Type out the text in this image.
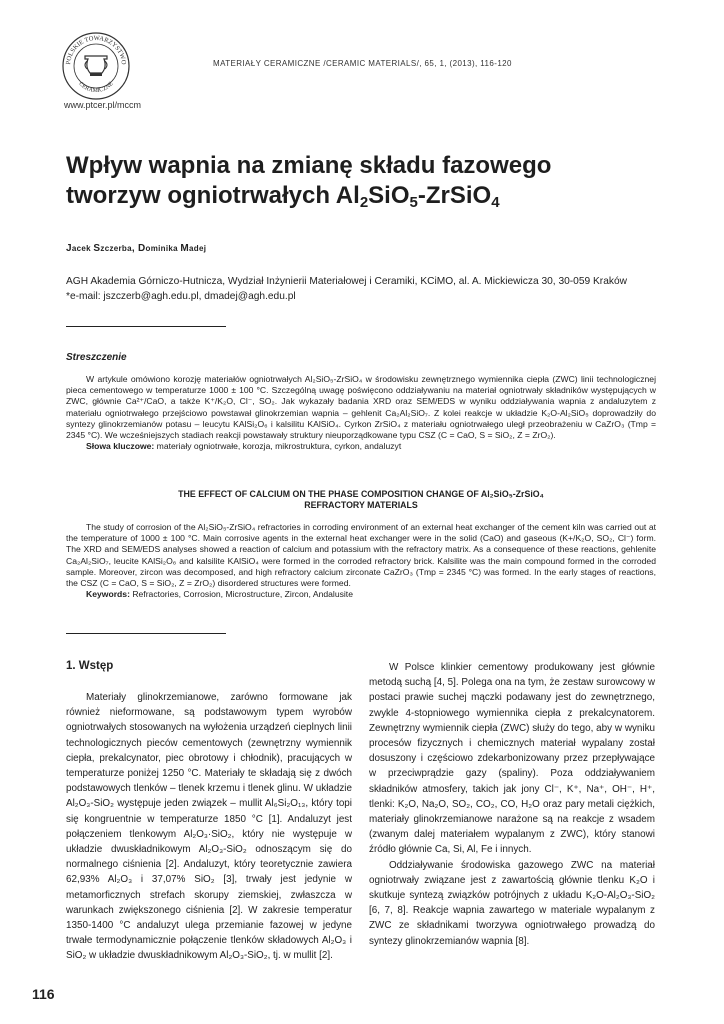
POLSKIE TOWARZYSTWO
CERAMICZNE
www.ptcer.pl/mccm
MATERIAŁY CERAMICZNE /CERAMIC MATERIALS/, 65, 1, (2013), 116-120
Wpływ wapnia na zmianę składu fazowego
tworzyw ogniotrwałych $Al_2SiO_5-ZrSiO_4$
Jacek Szczerba, Dominika Madej
AGH Akademia Górniczo-Hutnicza, Wydział Inżynierii Materiałowej i Ceramiki, KCiMO, al. A. Mickiewicza 30, 30-059 Kraków
*e-mail: jszczerb@agh.edu.pl, dmadej@agh.edu.pl
Streszczenie

W artykule omówiono korozję materiałów ogniotrwałych Al₂SiO₅-ZrSiO₄ w środowisku zewnętrznego wymiennika ciepła (ZWC) linii technologicznej pieca cementowego w temperaturze 1000 ± 100 °C. Szczególną uwagę poświęcono oddziaływaniu na materiał ogniotrwały składników występujących w ZWC, głównie Ca²⁺/CaO, a także K⁺/K₂O, Cl⁻, SO₂. Jak wykazały badania XRD oraz SEM/EDS w wyniku oddziaływania wapnia z andaluzytem z materiału ogniotrwałego przejściowo powstawał glinokrzemian wapnia – gehlenit Ca₂Al₂SiO₇. Z kolei reakcje w układzie K₂O-Al₂SiO₅ doprowadziły do syntezy glinokrzemianów potasu – leucytu KAlSi₂O₆ i kalsilitu KAlSiO₄. Cyrkon ZrSiO₄ z materiału ogniotrwałego uległ przeobrażeniu w CaZrO₃ (Tmp = 2345 °C). We wcześniejszych stadiach reakcji powstawały struktury nieuporządkowane typu CSZ (C = CaO, S = SiO₂, Z = ZrO₂).

Słowa kluczowe: materiały ogniotrwałe, korozja, mikrostruktura, cyrkon, andaluzyt

THE EFFECT OF CALCIUM ON THE PHASE COMPOSITION CHANGE OF Al₂SiO₅-ZrSiO₄
REFRACTORY MATERIALS

The study of corrosion of the Al₂SiO₅-ZrSiO₄ refractories in corroding environment of an external heat exchanger of the cement kiln was carried out at the temperature of 1000 ± 100 °C. Main corrosive agents in the external heat exchanger were in the solid (CaO) and gaseous (K+/K₂O, SO₂, Cl⁻) form. The XRD and SEM/EDS analyses showed a reaction of calcium and potassium with the refractory matrix. As a consequence of these reactions, gehlenite Ca₂Al₂SiO₇, leucite KAlSi₂O₆ and kalsilite KAlSiO₄ were formed in the corroded refractory brick. Kalsilite was the main compound formed in the corroded sample. Moreover, zircon was decomposed, and high refractory calcium zirconate CaZrO₃ (Tmp = 2345 °C) was formed. In the early stages of reactions, the CSZ (C = CaO, S = SiO₂, Z = ZrO₂) disordered structures were formed.

Keywords: Refractories, Corrosion, Microstructure, Zircon, Andalusite

1. Wstęp

Materiały glinokrzemianowe, zarówno formowane jak również nieformowane, są podstawowym typem wyrobów ogniotrwałych stosowanych na wyłożenia urządzeń cieplnych linii technologicznych pieców cementowych (zewnętrzny wymiennik ciepła, prekalcynator, piec obrotowy i chłodnik), pracujących w temperaturze poniżej 1250 °C. Materiały te składają się z dwóch podstawowych tlenków – tlenek krzemu i tlenek glinu. W układzie Al₂O₃-SiO₂ występuje jeden związek – mullit Al₆Si₂O₁₃, który topi się kongruentnie w temperaturze 1850 °C [1]. Andaluzyt jest połączeniem tlenkowym Al₂O₃·SiO₂, który nie występuje w układzie dwuskładnikowym Al₂O₃-SiO₂ odnoszącym się do normalnego ciśnienia [2]. Andaluzyt, który teoretycznie zawiera 62,93% Al₂O₃ i 37,07% SiO₂ [3], trwały jest jedynie w metamorficznych strefach skorupy ziemskiej, zwłaszcza w warunkach zwiększonego ciśnienia [2]. W zakresie temperatur 1350-1400 °C andaluzyt ulega przemianie fazowej w jedyne trwałe termodynamicznie połączenie tlenków składowych Al₂O₃ i SiO₂ w układzie dwuskładnikowym Al₂O₃-SiO₂, tj. w mullit [2].

W Polsce klinkier cementowy produkowany jest głównie metodą suchą [4, 5]. Polega ona na tym, że zestaw surowcowy w postaci prawie suchej mączki podawany jest do zewnętrznego, zwykle 4-stopniowego wymiennika ciepła z prekalcynatorem. Zewnętrzny wymiennik ciepła (ZWC) służy do tego, aby w wyniku procesów fizycznych i chemicznych materiał wypalany został dosuszony i częściowo zdekarbonizowany przez przepływające w przeciwprądzie gazy (spaliny). Poza oddziaływaniem składników atmosfery, takich jak jony Cl⁻, K⁺, Na⁺, OH⁻, H⁺, tlenki: K₂O, Na₂O, SO₂, CO₂, CO, H₂O oraz pary metali ciężkich, materiały glinokrzemianowe narażone są na reakcje z wsadem (zwanym dalej materiałem wypalanym z ZWC), który stanowi źródło głównie Ca, Si, Al, Fe i innych.

Oddziaływanie środowiska gazowego ZWC na materiał ogniotrwały związane jest z zawartością głównie tlenku K₂O i skutkuje syntezą związków potrójnych z układu K₂O-Al₂O₃-SiO₂ [6, 7, 8]. Reakcje wapnia zawartego w materiale wypalanym z ZWC ze składnikami tworzywa ogniotrwałego prowadzą do syntezy glinokrzemianów wapnia [8].

116
